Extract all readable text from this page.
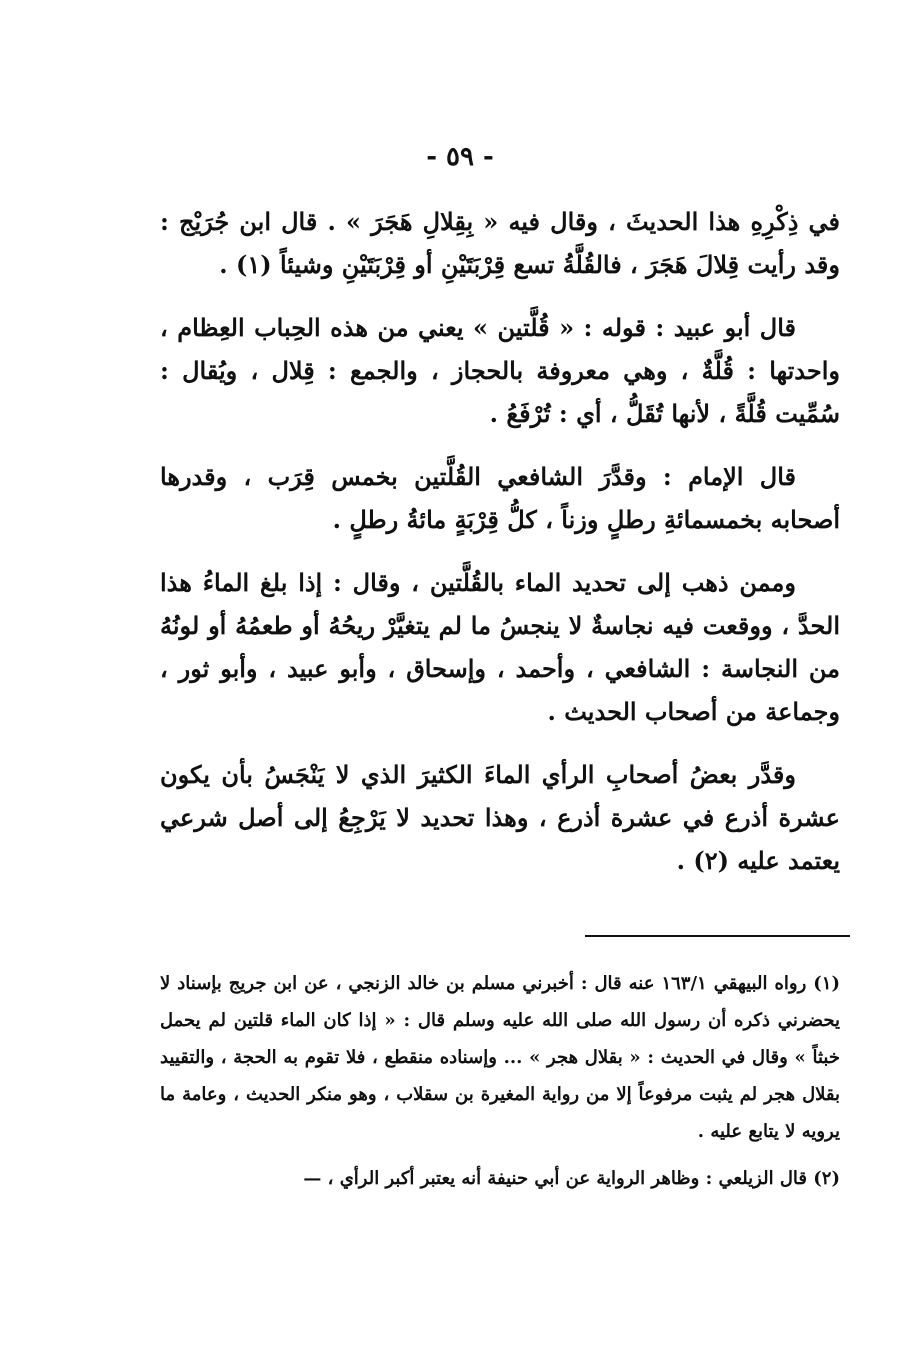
- ٥٩ -

في ذِكْرِهِ هذا الحديثَ ، وقال فيه « بِقِلالِ هَجَرَ » . قال ابن جُرَيْج : وقد رأيت قِلالَ هَجَرَ ، فالقُلَّةُ تسع قِرْبَتَيْنِ أو قِرْبَتَيْنِ وشيئاً (١) .

قال أبو عبيد : قوله : « قُلَّتين » يعني من هذه الحِباب العِظام ، واحدتها : قُلَّةٌ ، وهي معروفة بالحجاز ، والجمع : قِلال ، ويُقال : سُمِّيت قُلَّةً ، لأنها تُقَلُّ ، أي : تُرْفَعُ .

قال الإمام : وقدَّرَ الشافعي القُلَّتين بخمس قِرَب ، وقدرها أصحابه بخمسمائةِ رطلٍ وزناً ، كلُّ قِرْبَةٍ مائةُ رطلٍ .

وممن ذهب إلى تحديد الماء بالقُلَّتين ، وقال : إذا بلغ الماءُ هذا الحدَّ ، ووقعت فيه نجاسةٌ لا ينجسُ ما لم يتغيَّرْ ريحُهُ أو طعمُهُ أو لونُهُ من النجاسة : الشافعي ، وأحمد ، وإسحاق ، وأبو عبيد ، وأبو ثور ، وجماعة من أصحاب الحديث .

وقدَّر بعضُ أصحابِ الرأي الماءَ الكثيرَ الذي لا يَنْجَسُ بأن يكون عشرة أذرع في عشرة أذرع ، وهذا تحديد لا يَرْجِعُ إلى أصل شرعي يعتمد عليه (٢) .

(١) رواه البيهقي ١٦٣/١ عنه قال : أخبرني مسلم بن خالد الزنجي ، عن ابن جريج بإسناد لا يحضرني ذكره أن رسول الله صلى الله عليه وسلم قال : « إذا كان الماء قلتين لم يحمل خبثاً » وقال في الحديث : « بقلال هجر » ... وإسناده منقطع ، فلا تقوم به الحجة ، والتقييد بقلال هجر لم يثبت مرفوعاً إلا من رواية المغيرة بن سقلاب ، وهو منكر الحديث ، وعامة ما يرويه لا يتابع عليه .

(٢) قال الزيلعي : وظاهر الرواية عن أبي حنيفة أنه يعتبر أكبر الرأي ، —
